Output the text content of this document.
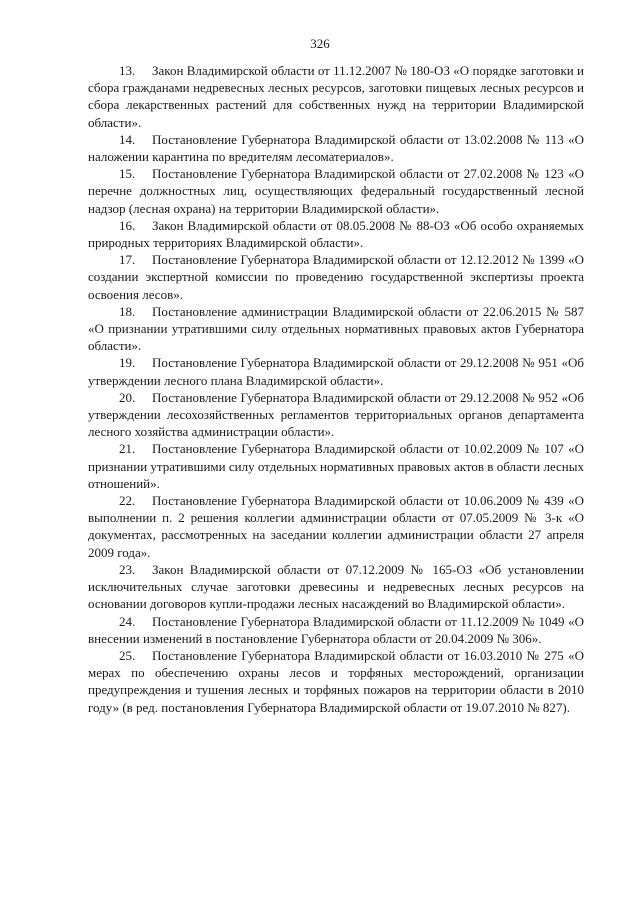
326

13. Закон Владимирской области от 11.12.2007 № 180-ОЗ «О порядке заготовки и сбора гражданами недревесных лесных ресурсов, заготовки пищевых лесных ресурсов и сбора лекарственных растений для собственных нужд на территории Владимирской области».

14. Постановление Губернатора Владимирской области от 13.02.2008 № 113 «О наложении карантина по вредителям лесоматериалов».

15. Постановление Губернатора Владимирской области от 27.02.2008 № 123 «О перечне должностных лиц, осуществляющих федеральный государственный лесной надзор (лесная охрана) на территории Владимирской области».

16. Закон Владимирской области от 08.05.2008 № 88-ОЗ «Об особо охраняемых природных территориях Владимирской области».

17. Постановление Губернатора Владимирской области от 12.12.2012 № 1399 «О создании экспертной комиссии по проведению государственной экспертизы проекта освоения лесов».

18. Постановление администрации Владимирской области от 22.06.2015 № 587 «О признании утратившими силу отдельных нормативных правовых актов Губернатора области».

19. Постановление Губернатора Владимирской области от 29.12.2008 № 951 «Об утверждении лесного плана Владимирской области».

20. Постановление Губернатора Владимирской области от 29.12.2008 № 952 «Об утверждении лесохозяйственных регламентов территориальных органов департамента лесного хозяйства администрации области».

21. Постановление Губернатора Владимирской области от 10.02.2009 № 107 «О признании утратившими силу отдельных нормативных правовых актов в области лесных отношений».

22. Постановление Губернатора Владимирской области от 10.06.2009 № 439 «О выполнении п. 2 решения коллегии администрации области от 07.05.2009 № 3-к «О документах, рассмотренных на заседании коллегии администрации области 27 апреля 2009 года».

23. Закон Владимирской области от 07.12.2009 № 165-ОЗ «Об установлении исключительных случае заготовки древесины и недревесных лесных ресурсов на основании договоров купли-продажи лесных насаждений во Владимирской области».

24. Постановление Губернатора Владимирской области от 11.12.2009 № 1049 «О внесении изменений в постановление Губернатора области от 20.04.2009 № 306».

25. Постановление Губернатора Владимирской области от 16.03.2010 № 275 «О мерах по обеспечению охраны лесов и торфяных месторождений, организации предупреждения и тушения лесных и торфяных пожаров на территории области в 2010 году» (в ред. постановления Губернатора Владимирской области от 19.07.2010 № 827).
